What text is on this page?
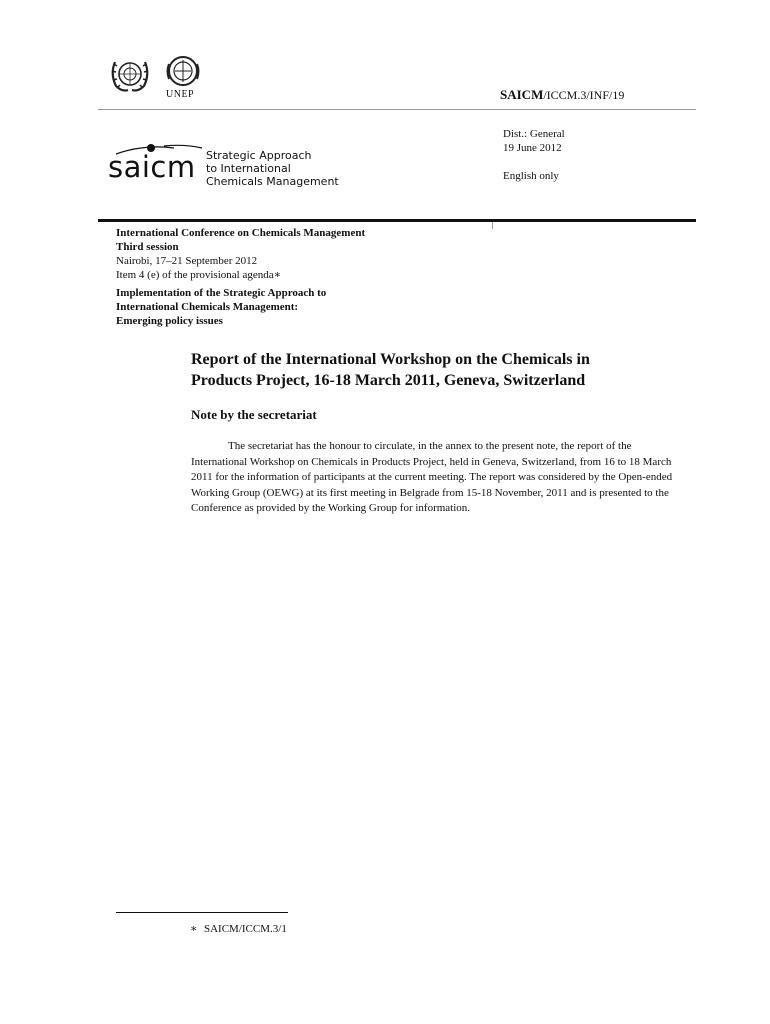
UNEP	SAICM/ICCM.3/INF/19
Dist.: General
19 June 2012
English only
saicm Strategic Approach
to International
Chemicals Management
International Conference on Chemicals Management
Third session
Nairobi, 17–21 September 2012
Item 4 (e) of the provisional agenda∗
Implementation of the Strategic Approach to
International Chemicals Management:
Emerging policy issues
Report of the International Workshop on the Chemicals in Products Project, 16-18 March 2011, Geneva, Switzerland
Note by the secretariat
The secretariat has the honour to circulate, in the annex to the present note, the report of the International Workshop on Chemicals in Products Project, held in Geneva, Switzerland, from 16 to 18 March 2011 for the information of participants at the current meeting. The report was considered by the Open-ended Working Group (OEWG) at its first meeting in Belgrade from 15-18 November, 2011 and is presented to the Conference as provided by the Working Group for information.
∗ SAICM/ICCM.3/1
